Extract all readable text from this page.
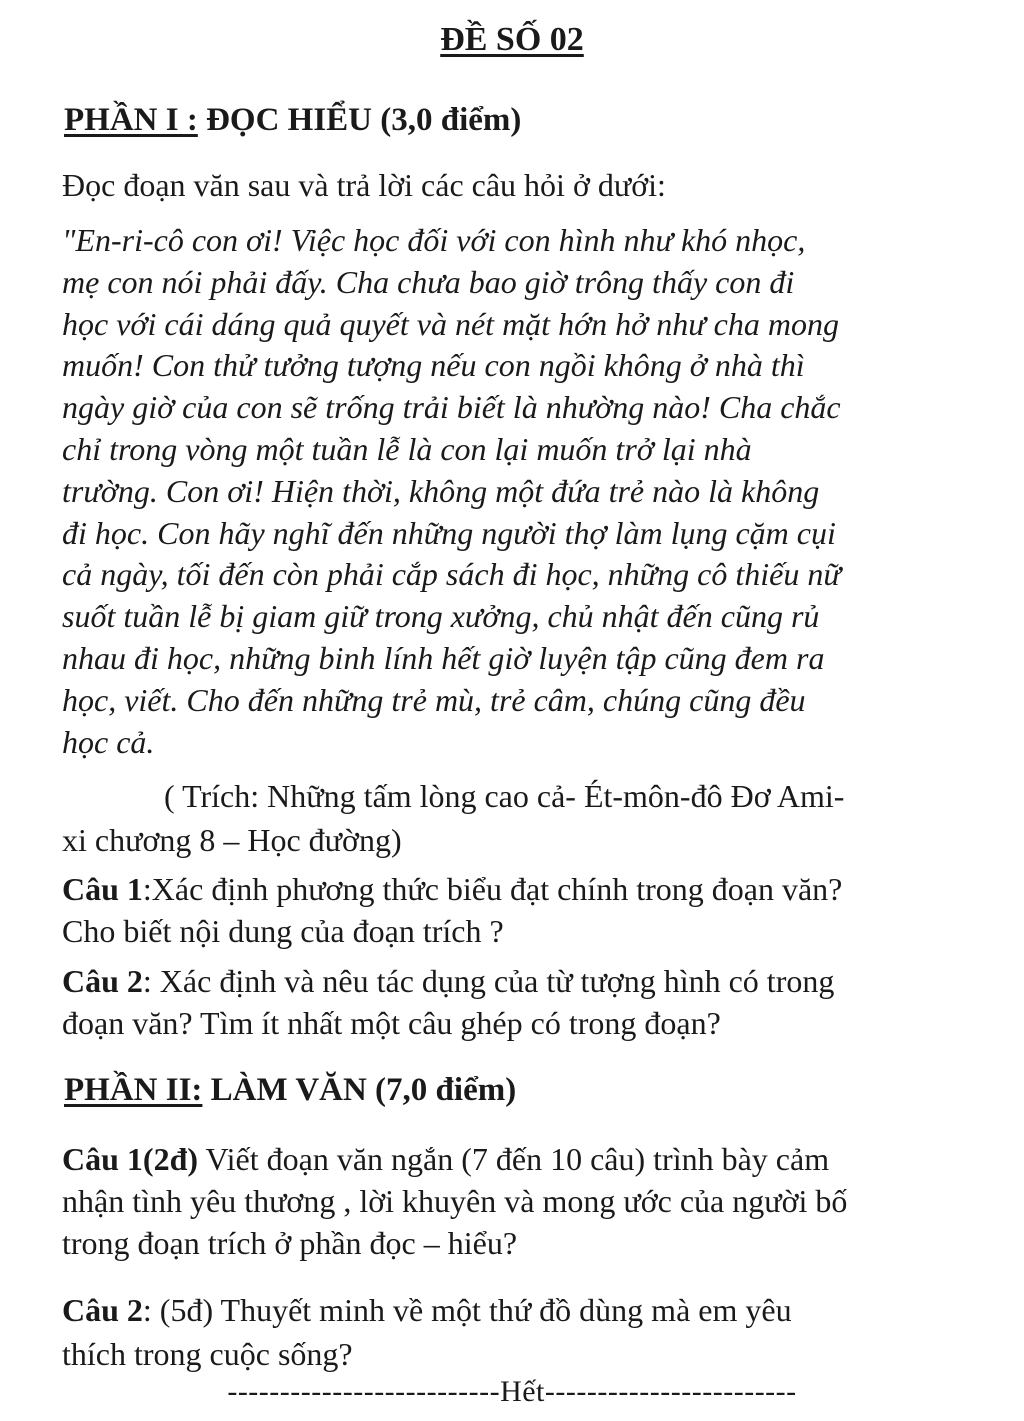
ĐỀ SỐ 02
PHẦN I : ĐỌC HIỂU (3,0 điểm)
Đọc đoạn văn sau và trả lời các câu hỏi ở dưới:
"En-ri-cô con ơi! Việc học đối với con hình như khó nhọc,
mẹ con nói phải đấy. Cha chưa bao giờ trông thấy con đi
học với cái dáng quả quyết và nét mặt hớn hở như cha mong
muốn! Con thử tưởng tượng nếu con ngồi không ở nhà thì
ngày giờ của con sẽ trống trải biết là nhường nào! Cha chắc
chỉ trong vòng một tuần lễ là con lại muốn trở lại nhà
trường. Con ơi! Hiện thời, không một đứa trẻ nào là không
đi học. Con hãy nghĩ đến những người thợ làm lụng cặm cụi
cả ngày, tối đến còn phải cắp sách đi học, những cô thiếu nữ
suốt tuần lễ bị giam giữ trong xưởng, chủ nhật đến cũng rủ
nhau đi học, những binh lính hết giờ luyện tập cũng đem ra
học, viết. Cho đến những trẻ mù, trẻ câm, chúng cũng đều
học cả.
( Trích: Những tấm lòng cao cả- Ét-môn-đô Đơ Ami-
xi chương 8 – Học đường)
Câu 1:Xác định phương thức biểu đạt chính trong đoạn văn?
Cho biết nội dung của đoạn trích ?
Câu 2: Xác định và nêu tác dụng của từ tượng hình có trong
đoạn văn? Tìm ít nhất một câu ghép có trong đoạn?
PHẦN II: LÀM VĂN (7,0 điểm)
Câu 1(2đ) Viết đoạn văn ngắn (7 đến 10 câu) trình bày cảm
nhận tình yêu thương , lời khuyên và mong ước của người bố
trong đoạn trích ở phần đọc – hiểu?
Câu 2: (5đ) Thuyết minh về một thứ đồ dùng mà em yêu
thích trong cuộc sống?
--------------------------Hết------------------------
